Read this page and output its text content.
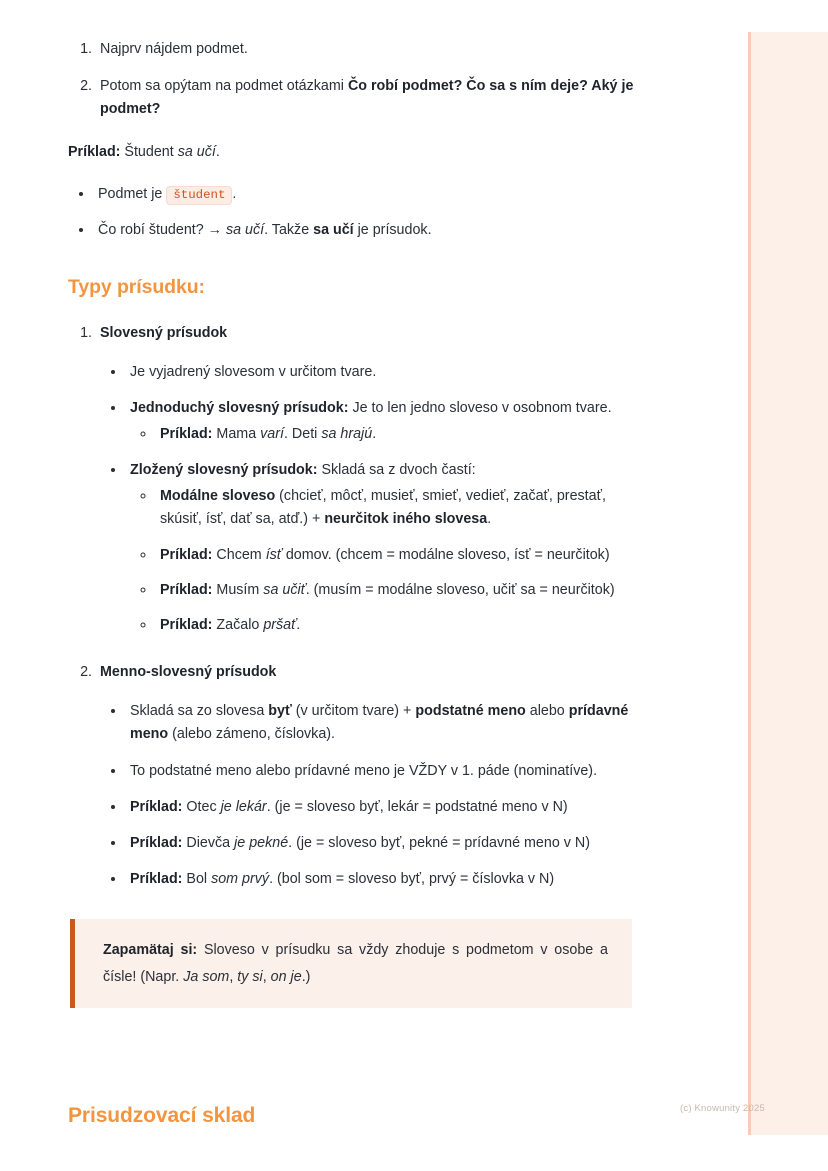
1. Najprv nájdem podmet.
2. Potom sa opýtam na podmet otázkami Čo robí podmet? Čo sa s ním deje? Aký je podmet?
Príklad: Študent sa učí.
• Podmet je študent .
• Čo robí študent? → sa učí. Takže sa učí je prísudok.
Typy prísudku:
1. Slovesný prísudok
• Je vyjadrený slovesom v určitom tvare.
• Jednoduchý slovesný prísudok: Je to len jedno sloveso v osobnom tvare.
◦ Príklad: Mama varí. Deti sa hrajú.
• Zložený slovesný prísudok: Skladá sa z dvoch častí:
◦ Modálne sloveso (chcieť, môcť, musieť, smieť, vedieť, začať, prestať, skúsiť, ísť, dať sa, atď.) + neurčitok iného slovesa.
◦ Príklad: Chcem ísť domov. (chcem = modálne sloveso, ísť = neurčitok)
◦ Príklad: Musím sa učiť. (musím = modálne sloveso, učiť sa = neurčitok)
◦ Príklad: Začalo pršať.
2. Menno-slovesný prísudok
• Skladá sa zo slovesa byť (v určitom tvare) + podstatné meno alebo prídavné meno (alebo zámeno, číslovka).
• To podstatné meno alebo prídavné meno je VŽDY v 1. páde (nominatíve).
• Príklad: Otec je lekár. (je = sloveso byť, lekár = podstatné meno v N)
• Príklad: Dievča je pekné. (je = sloveso byť, pekné = prídavné meno v N)
• Príklad: Bol som prvý. (bol som = sloveso byť, prvý = číslovka v N)
Zapamätaj si: Sloveso v prísudku sa vždy zhoduje s podmetom v osobe a čísle! (Napr. Ja som, ty si, on je.)
Prisudzovací sklad	(c) Knowunity 2025
